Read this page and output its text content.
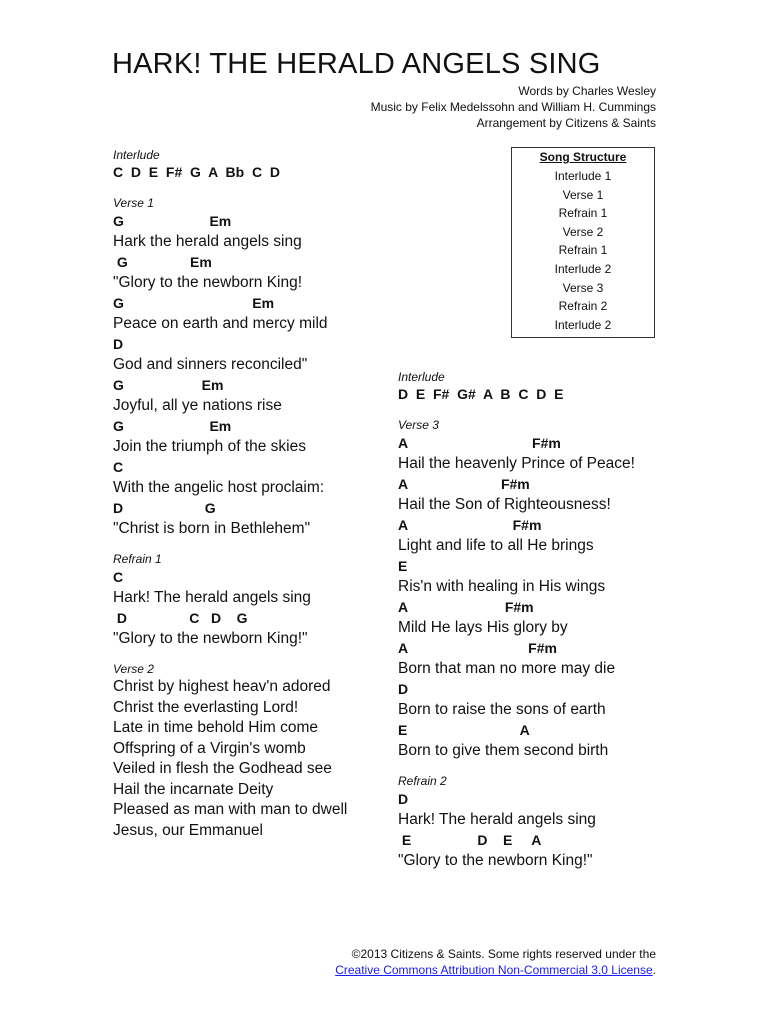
HARK! THE HERALD ANGELS SING
Words by Charles Wesley
Music by Felix Medelssohn and William H. Cummings
Arrangement by Citizens & Saints
Song Structure
Interlude 1
Verse 1
Refrain 1
Verse 2
Refrain 1
Interlude 2
Verse 3
Refrain 2
Interlude 2
Interlude
C  D  E  F#  G  A  Bb  C  D
Verse 1
G                      Em
Hark the herald angels sing
G                Em
"Glory to the newborn King!
G                                 Em
Peace on earth and mercy mild
D
God and sinners reconciled"
G                    Em
Joyful, all ye nations rise
G                      Em
Join the triumph of the skies
C
With the angelic host proclaim:
D                     G
"Christ is born in Bethlehem"
Refrain 1
C
Hark! The herald angels sing
D                C   D    G
"Glory to the newborn King!"
Verse 2
Christ by highest heav'n adored
Christ the everlasting Lord!
Late in time behold Him come
Offspring of a Virgin's womb
Veiled in flesh the Godhead see
Hail the incarnate Deity
Pleased as man with man to dwell
Jesus, our Emmanuel
Interlude
D  E  F#  G#  A  B  C  D  E
Verse 3
A                                F#m
Hail the heavenly Prince of Peace!
A                        F#m
Hail the Son of Righteousness!
A                           F#m
Light and life to all He brings
E
Ris'n with healing in His wings
A                         F#m
Mild He lays His glory by
A                               F#m
Born that man no more may die
D
Born to raise the sons of earth
E                             A
Born to give them second birth
Refrain 2
D
Hark! The herald angels sing
E                 D    E     A
"Glory to the newborn King!"
©2013 Citizens & Saints. Some rights reserved under the
Creative Commons Attribution Non-Commercial 3.0 License.
